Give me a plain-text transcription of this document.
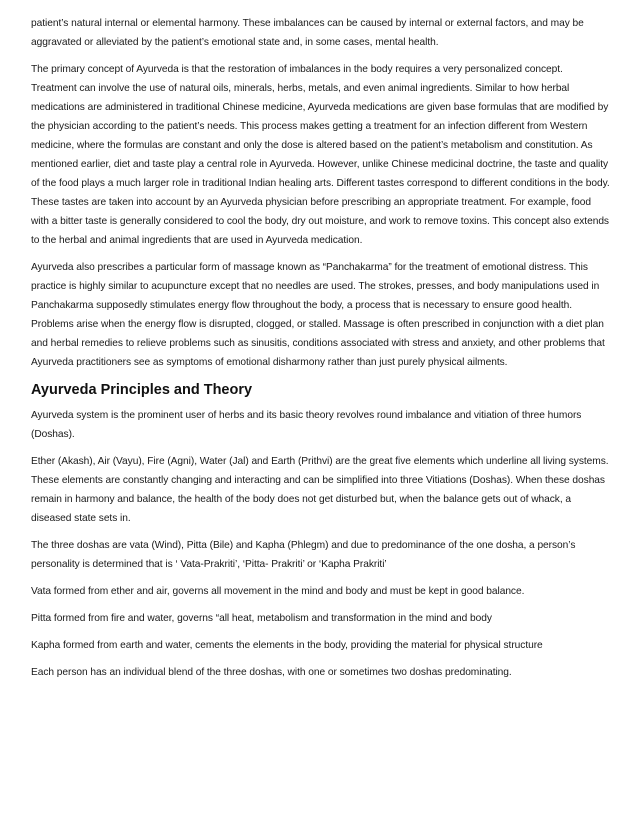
patient’s natural internal or elemental harmony. These imbalances can be caused by internal or external factors, and may be aggravated or alleviated by the patient’s emotional state and, in some cases, mental health.

The primary concept of Ayurveda is that the restoration of imbalances in the body requires a very personalized concept. Treatment can involve the use of natural oils, minerals, herbs, metals, and even animal ingredients. Similar to how herbal medications are administered in traditional Chinese medicine, Ayurveda medications are given base formulas that are modified by the physician according to the patient’s needs. This process makes getting a treatment for an infection different from Western medicine, where the formulas are constant and only the dose is altered based on the patient’s metabolism and constitution. As mentioned earlier, diet and taste play a central role in Ayurveda. However, unlike Chinese medicinal doctrine, the taste and quality of the food plays a much larger role in traditional Indian healing arts. Different tastes correspond to different conditions in the body. These tastes are taken into account by an Ayurveda physician before prescribing an appropriate treatment. For example, food with a bitter taste is generally considered to cool the body, dry out moisture, and work to remove toxins. This concept also extends to the herbal and animal ingredients that are used in Ayurveda medication.

Ayurveda also prescribes a particular form of massage known as “Panchakarma” for the treatment of emotional distress. This practice is highly similar to acupuncture except that no needles are used. The strokes, presses, and body manipulations used in Panchakarma supposedly stimulates energy flow throughout the body, a process that is necessary to ensure good health. Problems arise when the energy flow is disrupted, clogged, or stalled. Massage is often prescribed in conjunction with a diet plan and herbal remedies to relieve problems such as sinusitis, conditions associated with stress and anxiety, and other problems that Ayurveda practitioners see as symptoms of emotional disharmony rather than just purely physical ailments.

Ayurveda Principles and Theory

Ayurveda system is the prominent user of herbs and its basic theory revolves round imbalance and vitiation of three humors (Doshas).

Ether (Akash), Air (Vayu), Fire (Agni), Water (Jal) and Earth (Prithvi) are the great five elements which underline all living systems. These elements are constantly changing and interacting and can be simplified into three Vitiations (Doshas). When these doshas remain in harmony and balance, the health of the body does not get disturbed but, when the balance gets out of whack, a diseased state sets in.

The three doshas are vata (Wind), Pitta (Bile) and Kapha (Phlegm) and due to predominance of the one dosha, a person’s personality is determined that is ‘ Vata-Prakriti’, ‘Pitta- Prakriti’ or ‘Kapha Prakriti’

Vata formed from ether and air, governs all movement in the mind and body and must be kept in good balance.

Pitta formed from fire and water, governs “all heat, metabolism and transformation in the mind and body

Kapha formed from earth and water, cements the elements in the body, providing the material for physical structure

Each person has an individual blend of the three doshas, with one or sometimes two doshas predominating.
